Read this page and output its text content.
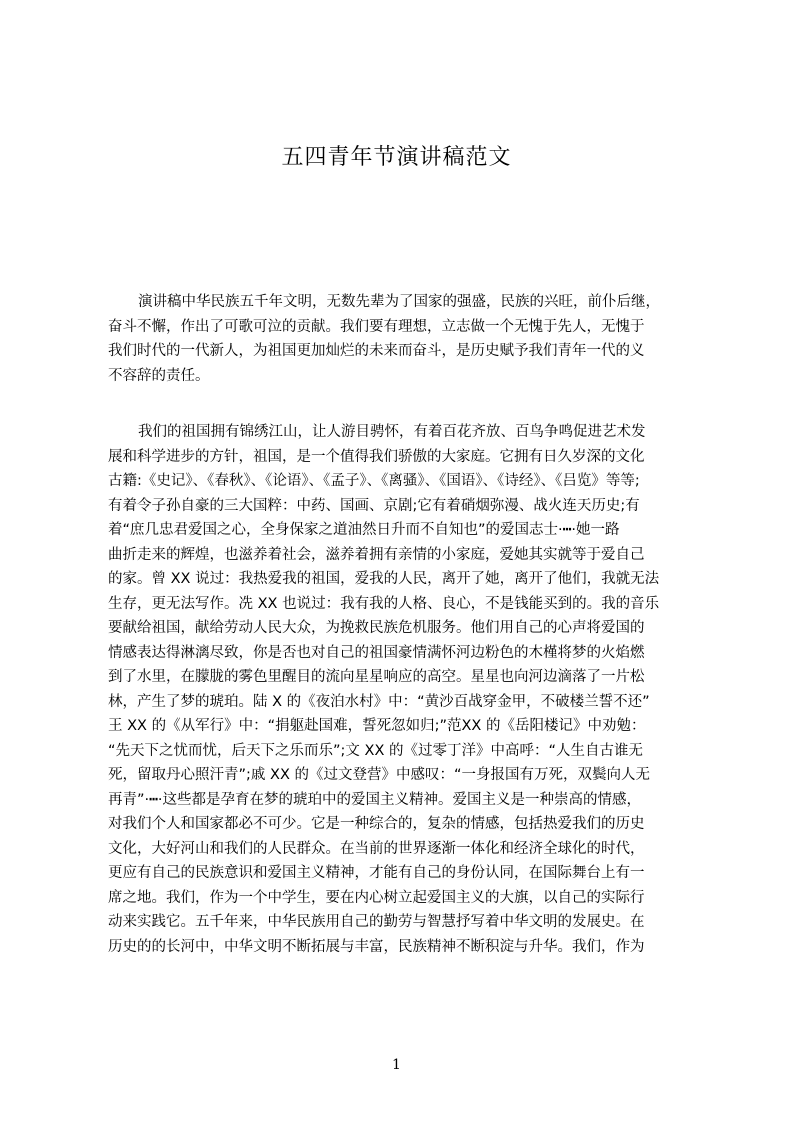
五四青年节演讲稿范文
演讲稿中华民族五千年文明，无数先辈为了国家的强盛，民族的兴旺，前仆后继，
奋斗不懈，作出了可歌可泣的贡献。我们要有理想，立志做一个无愧于先人，无愧于
我们时代的一代新人，为祖国更加灿烂的未来而奋斗，是历史赋予我们青年一代的义
不容辞的责任。
我们的祖国拥有锦绣江山，让人游目骋怀，有着百花齐放、百鸟争鸣促进艺术发
展和科学进步的方针，祖国，是一个值得我们骄傲的大家庭。它拥有日久岁深的文化
古籍:《史记》、《春秋》、《论语》、《孟子》、《离骚》、《国语》、《诗经》、《吕览》等等;
有着令子孙自豪的三大国粹：中药、国画、京剧;它有着硝烟弥漫、战火连天历史;有
着“庶几忠君爱国之心，全身保家之道油然日升而不自知也”的爱国志士·┅·她一路
曲折走来的辉煌，也滋养着社会，滋养着拥有亲情的小家庭，爱她其实就等于爱自己
的家。曾 XX 说过：我热爱我的祖国，爱我的人民，离开了她，离开了他们，我就无法
生存，更无法写作。冼 XX 也说过：我有我的人格、良心，不是钱能买到的。我的音乐
要献给祖国，献给劳动人民大众，为挽救民族危机服务。他们用自己的心声将爱国的
情感表达得淋漓尽致，你是否也对自己的祖国豪情满怀河边粉色的木槿将梦的火焰燃
到了水里，在朦胧的雾色里醒目的流向星星响应的高空。星星也向河边滴落了一片松
林，产生了梦的琥珀。陆 X 的《夜泊水村》中：“黄沙百战穿金甲，不破楼兰誓不还”
王 XX 的《从军行》中：“捐躯赴国难，誓死忽如归;”范XX 的《岳阳楼记》中劝勉：
“先天下之忧而忧，后天下之乐而乐”;文 XX 的《过零丁洋》中高呼：“人生自古谁无
死，留取丹心照汗青”;戚 XX 的《过文登营》中感叹：“一身报国有万死，双鬓向人无
再青”·┅·这些都是孕育在梦的琥珀中的爱国主义精神。爱国主义是一种崇高的情感，
对我们个人和国家都必不可少。它是一种综合的，复杂的情感，包括热爱我们的历史
文化，大好河山和我们的人民群众。在当前的世界逐渐一体化和经济全球化的时代，
更应有自己的民族意识和爱国主义精神，才能有自己的身份认同，在国际舞台上有一
席之地。我们，作为一个中学生，要在内心树立起爱国主义的大旗，以自己的实际行
动来实践它。五千年来，中华民族用自己的勤劳与智慧抒写着中华文明的发展史。在
历史的的长河中，中华文明不断拓展与丰富，民族精神不断积淀与升华。我们，作为
1
